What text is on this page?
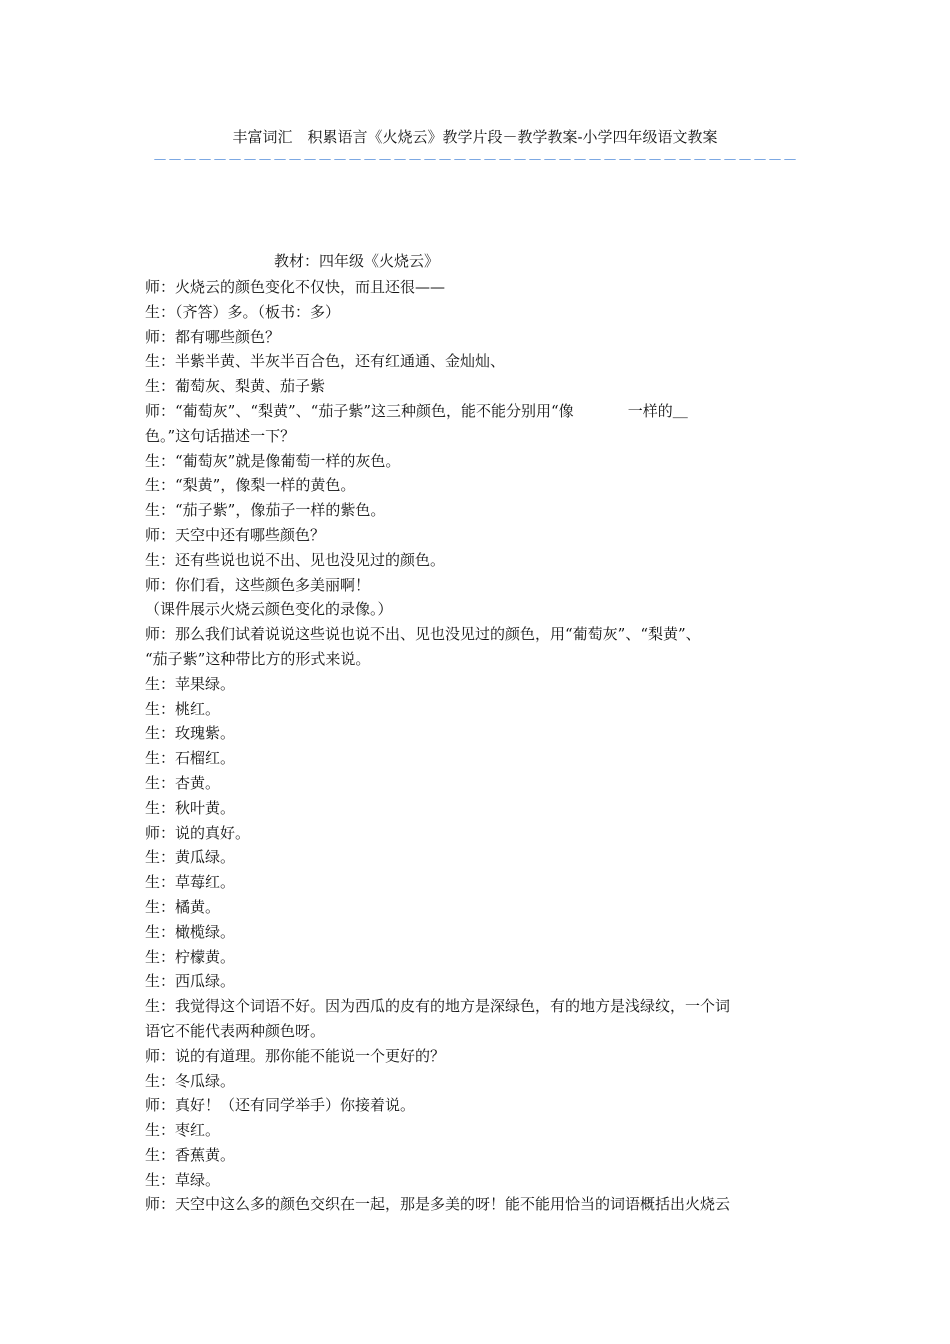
丰富词汇　积累语言《火烧云》教学片段－教学教案-小学四年级语文教案
－－－－－－－－－－－－－－－－－－－－－－－－－－－－－－－－－－－－－－－－－－－
教材：四年级《火烧云》
师：火烧云的颜色变化不仅快，而且还很——
生：（齐答）多。（板书：多）
师：都有哪些颜色？
生：半紫半黄、半灰半百合色，还有红通通、金灿灿、
生：葡萄灰、梨黄、茄子紫
师：“葡萄灰”、“梨黄”、“茄子紫”这三种颜色，能不能分别用“像	一样的＿
色。”这句话描述一下？
生：“葡萄灰”就是像葡萄一样的灰色。
生：“梨黄”，像梨一样的黄色。
生：“茄子紫”，像茄子一样的紫色。
师：天空中还有哪些颜色？
生：还有些说也说不出、见也没见过的颜色。
师：你们看，这些颜色多美丽啊！
（课件展示火烧云颜色变化的录像。）
师：那么我们试着说说这些说也说不出、见也没见过的颜色，用“葡萄灰”、“梨黄”、
“茄子紫”这种带比方的形式来说。
生：苹果绿。
生：桃红。
生：玫瑰紫。
生：石榴红。
生：杏黄。
生：秋叶黄。
师：说的真好。
生：黄瓜绿。
生：草莓红。
生：橘黄。
生：橄榄绿。
生：柠檬黄。
生：西瓜绿。
生：我觉得这个词语不好。因为西瓜的皮有的地方是深绿色，有的地方是浅绿纹，一个词
语它不能代表两种颜色呀。
师：说的有道理。那你能不能说一个更好的？
生：冬瓜绿。
师：真好！（还有同学举手）你接着说。
生：枣红。
生：香蕉黄。
生：草绿。
师：天空中这么多的颜色交织在一起，那是多美的呀！能不能用恰当的词语概括出火烧云
